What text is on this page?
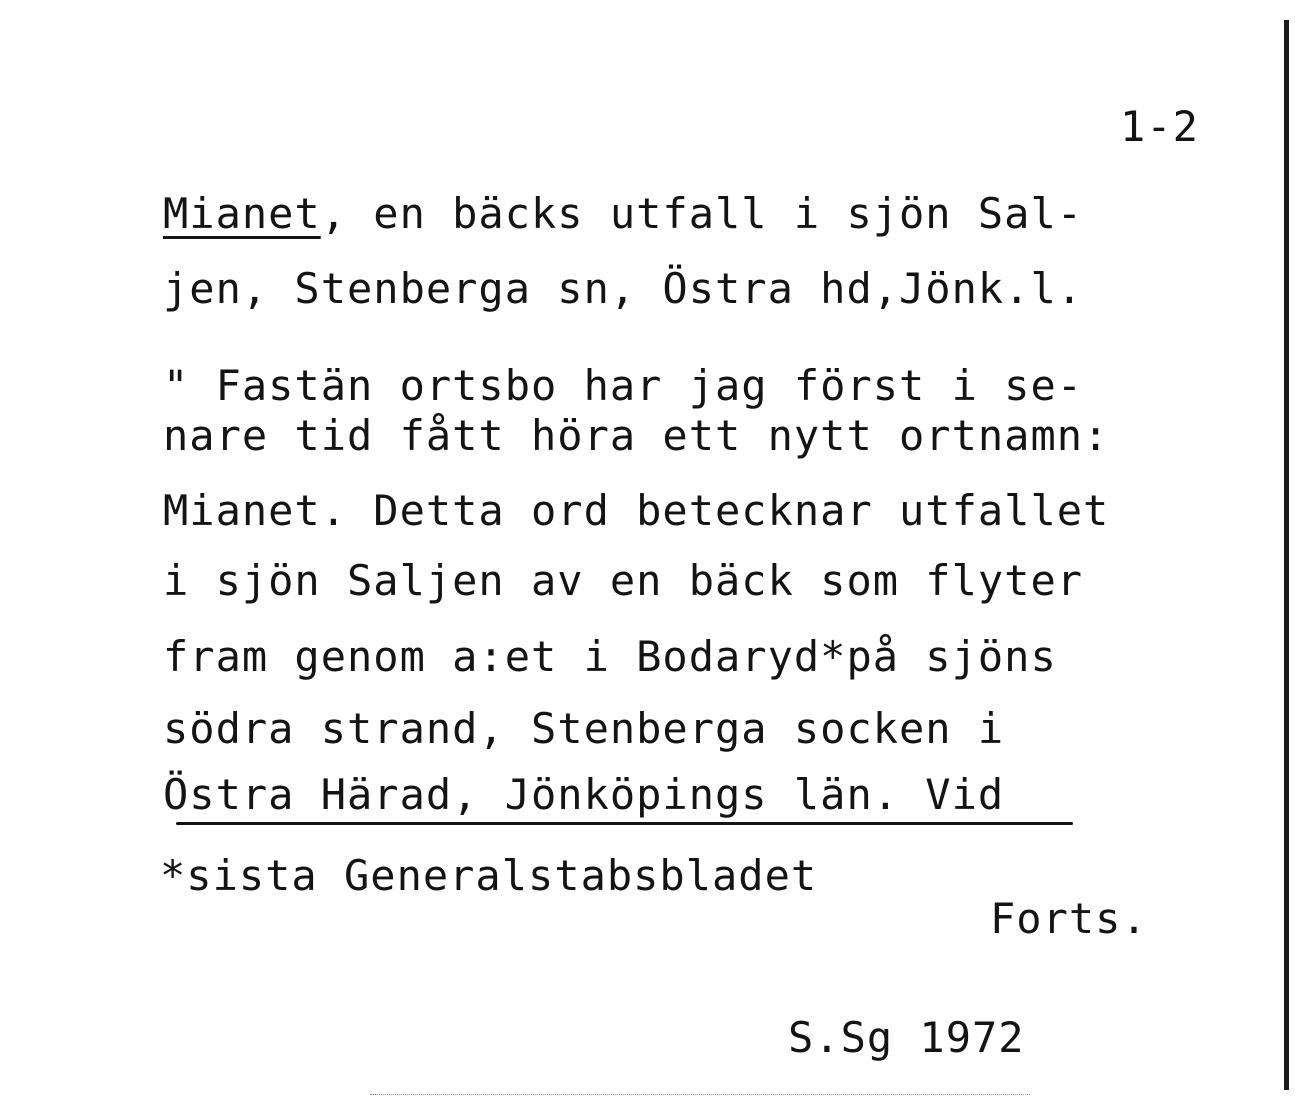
1-2
Mianet, en bäcks utfall i sjön Sal-
jen, Stenberga sn, Östra hd,Jönk.l.
" Fastän ortsbo har jag först i se-
nare tid fått höra ett nytt ortnamn:
Mianet. Detta ord betecknar utfallet
i sjön Saljen av en bäck som flyter
fram genom a:et i Bodaryd*på sjöns
södra strand, Stenberga socken i
Östra Härad, Jönköpings län. Vid
*sista Generalstabsbladet
Forts.
S.Sg 1972
